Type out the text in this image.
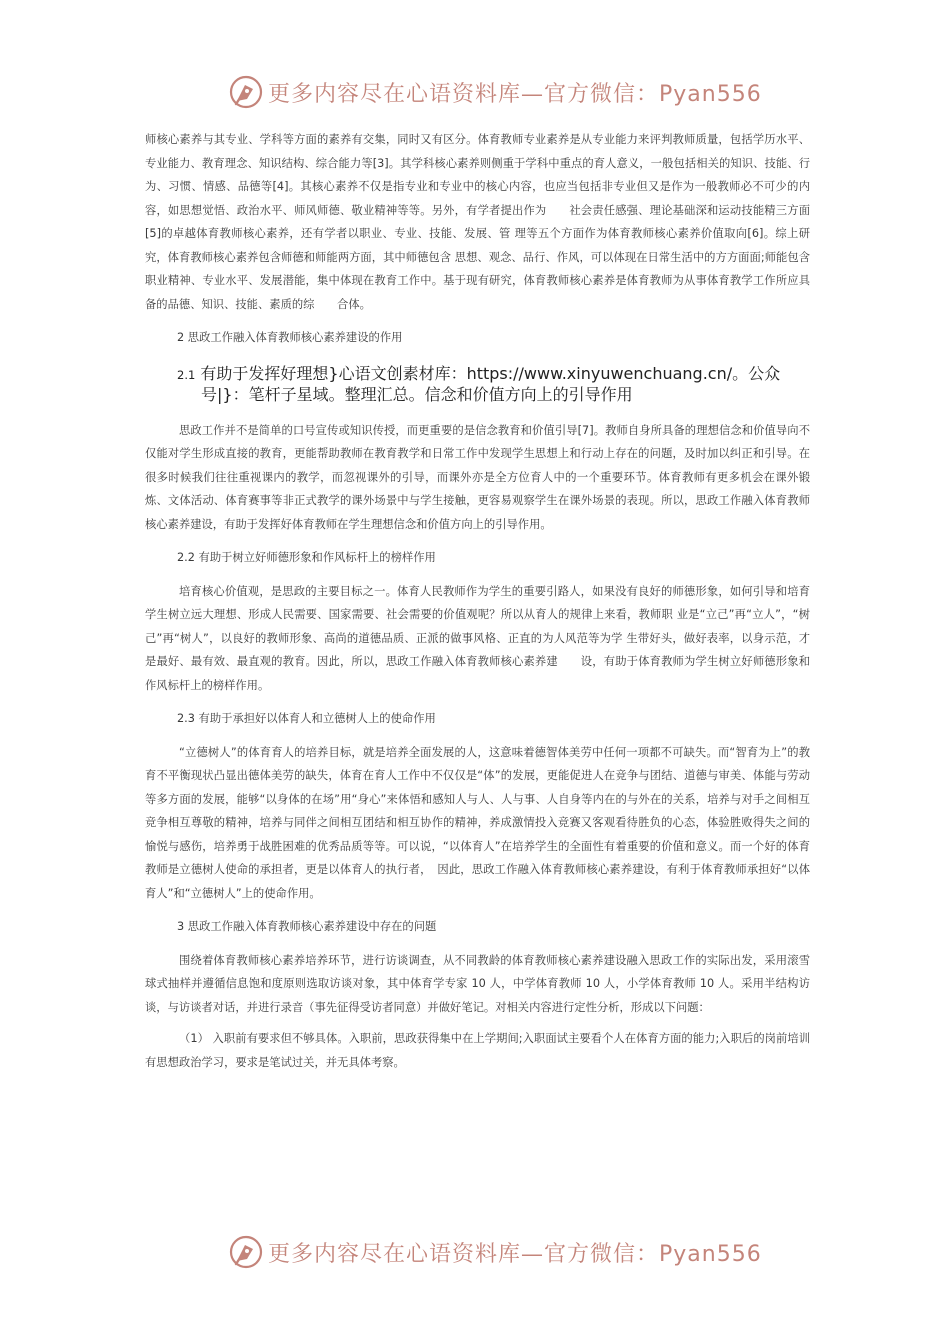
更多内容尽在心语资料库—官方微信：Pyan556

师核心素养与其专业、学科等方面的素养有交集，同时又有区分。体育教师专业素养是从专业能力来评判教师质量，包括学历水平、专业能力、教育理念、知识结构、综合能力等[3]。其学科核心素养则侧重于学科中重点的育人意义，一般包括相关的知识、技能、行为、习惯、情感、品德等[4]。其核心素养不仅是指专业和专业中的核心内容，也应当包括非专业但又是作为一般教师必不可少的内容，如思想觉悟、政治水平、师风师德、敬业精神等等。另外，有学者提出作为　　社会责任感强、理论基础深和运动技能精三方面[5]的卓越体育教师核心素养，还有学者以职业、专业、技能、发展、管 理等五个方面作为体育教师核心素养价值取向[6]。综上研究，体育教师核心素养包含师德和师能两方面，其中师德包含 思想、观念、品行、作风，可以体现在日常生活中的方方面面;师能包含职业精神、专业水平、发展潜能，集中体现在教育工作中。基于现有研究，体育教师核心素养是体育教师为从事体育教学工作所应具备的品德、知识、技能、素质的综　　合体。

2 思政工作融入体育教师核心素养建设的作用
2.1 有助于发挥好理想}心语文创素材库：https://www.xinyuwenchuang.cn/。公众号|}：笔杆子星域。整理汇总。信念和价值方向上的引导作用

思政工作并不是简单的口号宣传或知识传授，而更重要的是信念教育和价值引导[7]。教师自身所具备的理想信念和价值导向不仅能对学生形成直接的教育，更能帮助教师在教育教学和日常工作中发现学生思想上和行动上存在的问题，及时加以纠正和引导。在很多时候我们往往重视课内的教学，而忽视课外的引导，而课外亦是全方位育人中的一个重要环节。体育教师有更多机会在课外锻炼、文体活动、体育赛事等非正式教学的课外场景中与学生接触，更容易观察学生在课外场景的表现。所以，思政工作融入体育教师核心素养建设，有助于发挥好体育教师在学生理想信念和价值方向上的引导作用。

2.2 有助于树立好师德形象和作风标杆上的榜样作用

培育核心价值观，是思政的主要目标之一。体育人民教师作为学生的重要引路人，如果没有良好的师德形象，如何引导和培育学生树立远大理想、形成人民需要、国家需要、社会需要的价值观呢？所以从育人的规律上来看，教师职 业是“立己”再“立人”，“树己”再“树人”，以良好的教师形象、高尚的道德品质、正派的做事风格、正直的为人风范等为学 生带好头，做好表率，以身示范，才是最好、最有效、最直观的教育。因此，所以，思政工作融入体育教师核心素养建　　设，有助于体育教师为学生树立好师德形象和作风标杆上的榜样作用。

2.3 有助于承担好以体育人和立德树人上的使命作用

“立德树人”的体育育人的培养目标，就是培养全面发展的人，这意味着德智体美劳中任何一项都不可缺失。而“智育为上”的教育不平衡现状凸显出德体美劳的缺失，体育在育人工作中不仅仅是“体”的发展，更能促进人在竞争与团结、道德与审美、体能与劳动等多方面的发展，能够“以身体的在场”用“身心”来体悟和感知人与人、人与事、人自身等内在的与外在的关系，培养与对手之间相互竞争相互尊敬的精神，培养与同伴之间相互团结和相互协作的精神，养成激情投入竞赛又客观看待胜负的心态，体验胜败得失之间的愉悦与感伤，培养勇于战胜困难的优秀品质等等。可以说，“以体育人”在培养学生的全面性有着重要的价值和意义。而一个好的体育教师是立德树人使命的承担者，更是以体育人的执行者，　因此，思政工作融入体育教师核心素养建设，有利于体育教师承担好“以体育人”和“立德树人”上的使命作用。

3 思政工作融入体育教师核心素养建设中存在的问题

围绕着体育教师核心素养培养环节，进行访谈调查，从不同教龄的体育教师核心素养建设融入思政工作的实际出发，采用滚雪球式抽样并遵循信息饱和度原则选取访谈对象，其中体育学专家 10 人，中学体育教师 10 人，小学体育教师 10 人。采用半结构访谈，与访谈者对话，并进行录音（事先征得受访者同意）并做好笔记。对相关内容进行定性分析，形成以下问题：

（1） 入职前有要求但不够具体。入职前，思政获得集中在上学期间;入职面试主要看个人在体育方面的能力;入职后的岗前培训有思想政治学习，要求是笔试过关，并无具体考察。

更多内容尽在心语资料库—官方微信：Pyan556
